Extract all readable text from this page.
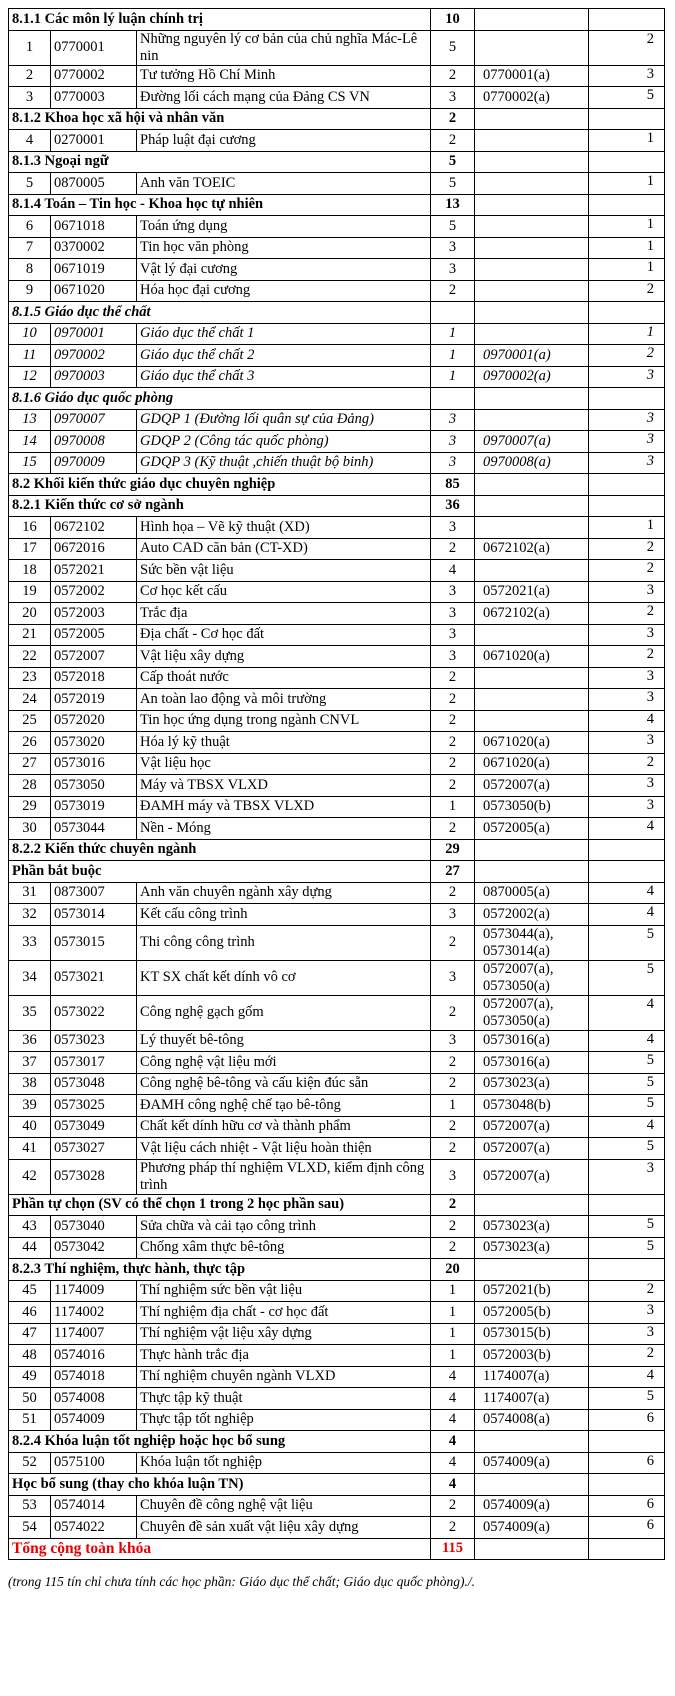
8.1.1 Các môn lý luận chính trị			10		
1	0770001	Những nguyên lý cơ bản của chủ nghĩa Mác-Lê nin	5		2
2	0770002	Tư tưởng Hồ Chí Minh	2	0770001(a)	3
3	0770003	Đường lối cách mạng của Đảng CS VN	3	0770002(a)	5
8.1.2 Khoa học xã hội và nhân văn			2		
4	0270001	Pháp luật đại cương	2		1
8.1.3 Ngoại ngữ			5		
5	0870005	Anh văn TOEIC	5		1
8.1.4 Toán – Tin học - Khoa học tự nhiên			13		
6	0671018	Toán ứng dụng	5		1
7	0370002	Tin học văn phòng	3		1
8	0671019	Vật lý đại cương	3		1
9	0671020	Hóa học đại cương	2		2
8.1.5 Giáo dục thể chất					
10	0970001	Giáo dục thể chất 1	1		1
11	0970002	Giáo dục thể chất 2	1	0970001(a)	2
12	0970003	Giáo dục thể chất 3	1	0970002(a)	3
8.1.6 Giáo dục quốc phòng					
13	0970007	GDQP 1 (Đường lối quân sự của Đảng)	3		3
14	0970008	GDQP 2 (Công tác quốc phòng)	3	0970007(a)	3
15	0970009	GDQP 3 (Kỹ thuật ,chiến thuật bộ binh)	3	0970008(a)	3
8.2 Khối kiến thức giáo dục chuyên nghiệp			85		
8.2.1 Kiến thức cơ sở ngành			36		
16	0672102	Hình họa – Vẽ kỹ thuật (XD)	3		1
17	0672016	Auto CAD căn bản (CT-XD)	2	0672102(a)	2
18	0572021	Sức bền vật liệu	4		2
19	0572002	Cơ học kết cấu	3	0572021(a)	3
20	0572003	Trắc địa	3	0672102(a)	2
21	0572005	Địa chất - Cơ học đất	3		3
22	0572007	Vật liệu xây dựng	3	0671020(a)	2
23	0572018	Cấp thoát nước	2		3
24	0572019	An toàn lao động và môi trường	2		3
25	0572020	Tin học ứng dụng trong ngành CNVL	2		4
26	0573020	Hóa lý kỹ thuật	2	0671020(a)	3
27	0573016	Vật liệu học	2	0671020(a)	2
28	0573050	Máy và TBSX VLXD	2	0572007(a)	3
29	0573019	ĐAMH máy và TBSX VLXD	1	0573050(b)	3
30	0573044	Nền - Móng	2	0572005(a)	4
8.2.2 Kiến thức chuyên ngành			29		
Phần bắt buộc			27		
31	0873007	Anh văn chuyên ngành xây dựng	2	0870005(a)	4
32	0573014	Kết cấu công trình	3	0572002(a)	4
33	0573015	Thi công công trình	2	0573044(a), 0573014(a)	5
34	0573021	KT SX chất kết dính vô cơ	3	0572007(a), 0573050(a)	5
35	0573022	Công nghệ gạch gốm	2	0572007(a), 0573050(a)	4
36	0573023	Lý thuyết bê-tông	3	0573016(a)	4
37	0573017	Công nghệ vật liệu mới	2	0573016(a)	5
38	0573048	Công nghệ bê-tông và cấu kiện đúc sẵn	2	0573023(a)	5
39	0573025	ĐAMH công nghệ chế tạo bê-tông	1	0573048(b)	5
40	0573049	Chất kết dính hữu cơ và thành phẩm	2	0572007(a)	4
41	0573027	Vật liệu cách nhiệt - Vật liệu hoàn thiện	2	0572007(a)	5
42	0573028	Phương pháp thí nghiệm VLXD, kiểm định công trình	3	0572007(a)	3
Phần tự chọn (SV có thể chọn 1 trong 2 học phần sau)			2		
43	0573040	Sửa chữa và cải tạo công trình	2	0573023(a)	5
44	0573042	Chống xâm thực bê-tông	2	0573023(a)	5
8.2.3 Thí nghiệm, thực hành, thực tập			20		
45	1174009	Thí nghiệm sức bền vật liệu	1	0572021(b)	2
46	1174002	Thí nghiệm địa chất - cơ học đất	1	0572005(b)	3
47	1174007	Thí nghiệm vật liệu xây dựng	1	0573015(b)	3
48	0574016	Thực hành trắc địa	1	0572003(b)	2
49	0574018	Thí nghiệm chuyên ngành VLXD	4	1174007(a)	4
50	0574008	Thực tập kỹ thuật	4	1174007(a)	5
51	0574009	Thực tập tốt nghiệp	4	0574008(a)	6
8.2.4 Khóa luận tốt nghiệp hoặc học bổ sung			4		
52	0575100	Khóa luận tốt nghiệp	4	0574009(a)	6
Học bổ sung (thay cho khóa luận TN)			4		
53	0574014	Chuyên đề công nghệ vật liệu	2	0574009(a)	6
54	0574022	Chuyên đề sản xuất vật liệu xây dựng	2	0574009(a)	6
Tổng cộng toàn khóa			115		
(trong 115 tín chỉ chưa tính các học phần: Giáo dục thể chất; Giáo dục quốc phòng)./.
